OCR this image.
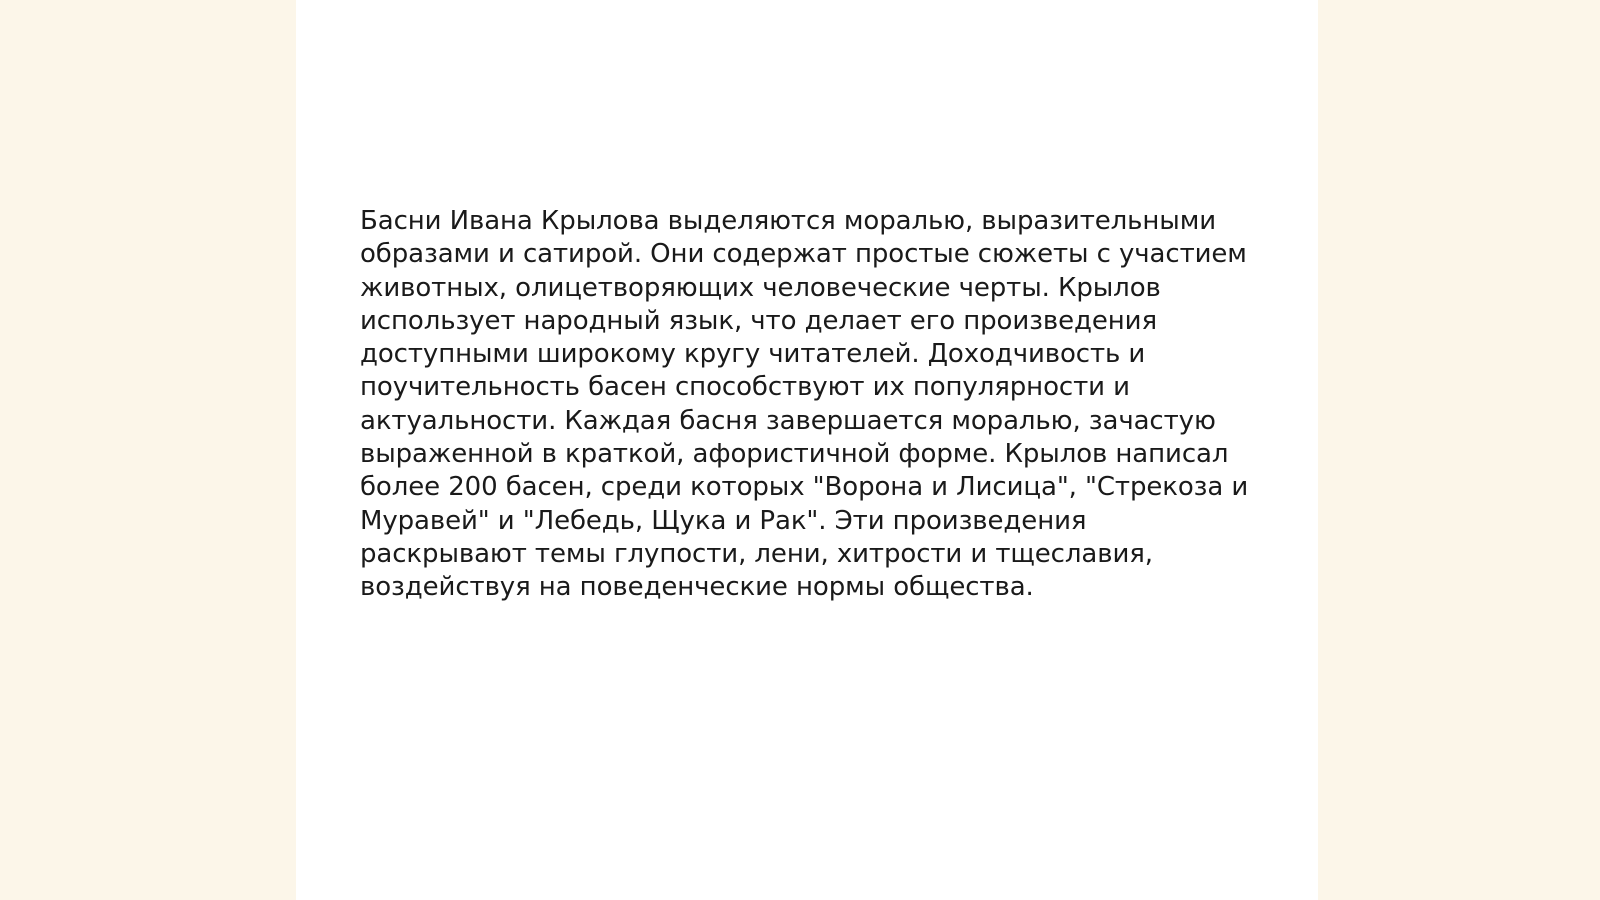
Басни Ивана Крылова выделяются моралью, выразительными
образами и сатирой. Они содержат простые сюжеты с участием
животных, олицетворяющих человеческие черты. Крылов
использует народный язык, что делает его произведения
доступными широкому кругу читателей. Доходчивость и
поучительность басен способствуют их популярности и
актуальности. Каждая басня завершается моралью, зачастую
выраженной в краткой, афористичной форме. Крылов написал
более 200 басен, среди которых "Ворона и Лисица", "Стрекоза и
Муравей" и "Лебедь, Щука и Рак". Эти произведения
раскрывают темы глупости, лени, хитрости и тщеславия,
воздействуя на поведенческие нормы общества.
